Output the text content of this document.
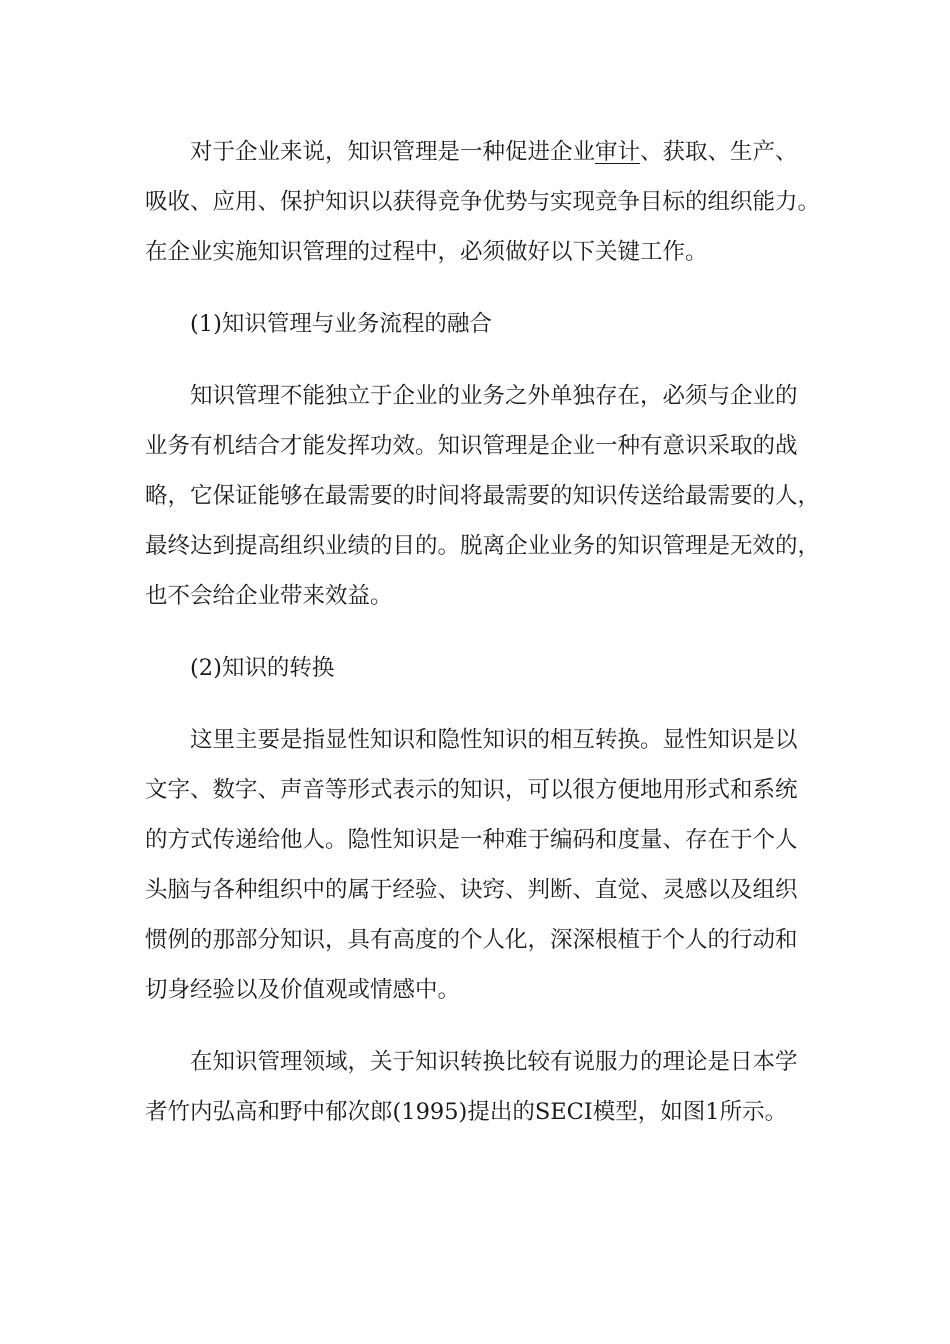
对于企业来说，知识管理是一种促进企业审计、获取、生产、
吸收、应用、保护知识以获得竞争优势与实现竞争目标的组织能力。
在企业实施知识管理的过程中，必须做好以下关键工作。
(1)知识管理与业务流程的融合
知识管理不能独立于企业的业务之外单独存在，必须与企业的
业务有机结合才能发挥功效。知识管理是企业一种有意识采取的战
略，它保证能够在最需要的时间将最需要的知识传送给最需要的人，
最终达到提高组织业绩的目的。脱离企业业务的知识管理是无效的，
也不会给企业带来效益。
(2)知识的转换
这里主要是指显性知识和隐性知识的相互转换。显性知识是以
文字、数字、声音等形式表示的知识，可以很方便地用形式和系统
的方式传递给他人。隐性知识是一种难于编码和度量、存在于个人
头脑与各种组织中的属于经验、诀窍、判断、直觉、灵感以及组织
惯例的那部分知识，具有高度的个人化，深深根植于个人的行动和
切身经验以及价值观或情感中。
在知识管理领域，关于知识转换比较有说服力的理论是日本学
者竹内弘高和野中郁次郎(1995)提出的SECI模型，如图1所示。
